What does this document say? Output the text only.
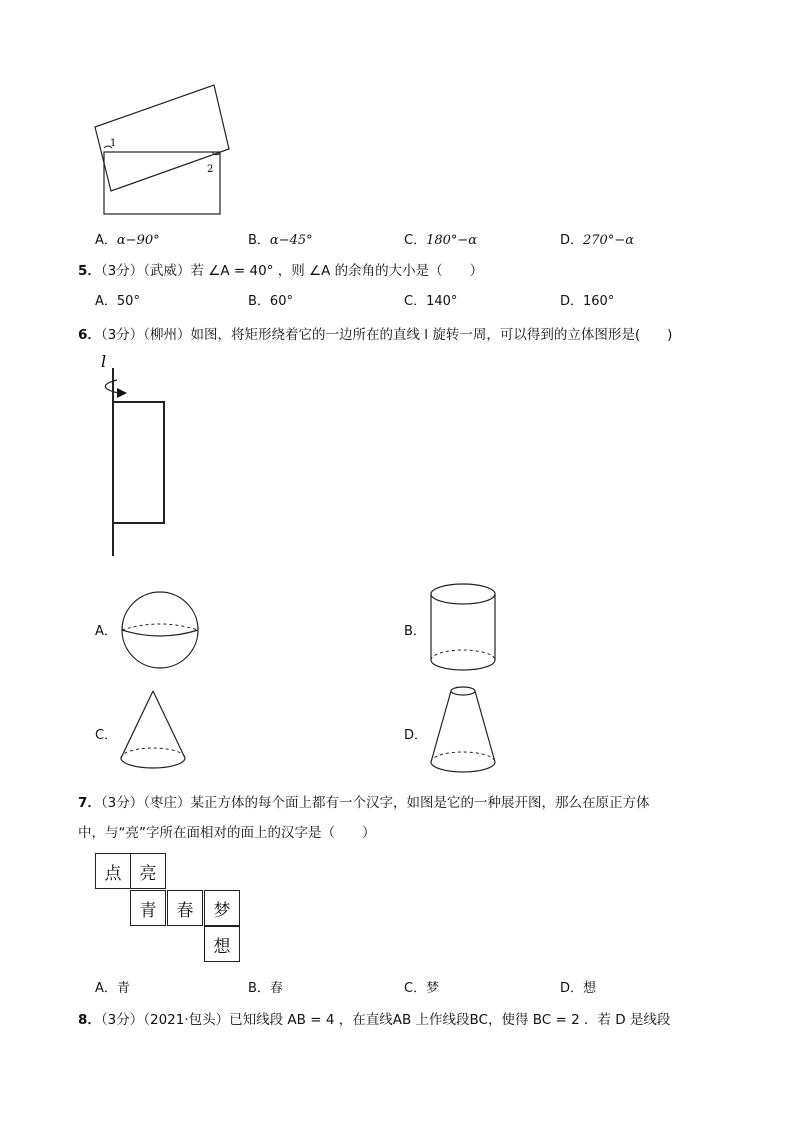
1
2
A．α−90°	B．α−45°	C．180°−α	D．270°−α
5．（3分）（武威）若 ∠A = 40° ，则 ∠A 的余角的大小是（　　）
A．50°	B．60°	C．140°	D．160°
6．（3分）（柳州）如图，将矩形绕着它的一边所在的直线 l 旋转一周，可以得到的立体图形是(　　)
l
A．	B．
C．	D．
7．（3分）（枣庄）某正方体的每个面上都有一个汉字，如图是它的一种展开图，那么在原正方体
中，与“亮”字所在面相对的面上的汉字是（　　）
点	亮
青	春	梦
想
A．青	B．春	C．梦	D．想
8．（3分）（2021·包头）已知线段 AB = 4 ，在直线AB 上作线段BC，使得 BC = 2 ．若 D 是线段
